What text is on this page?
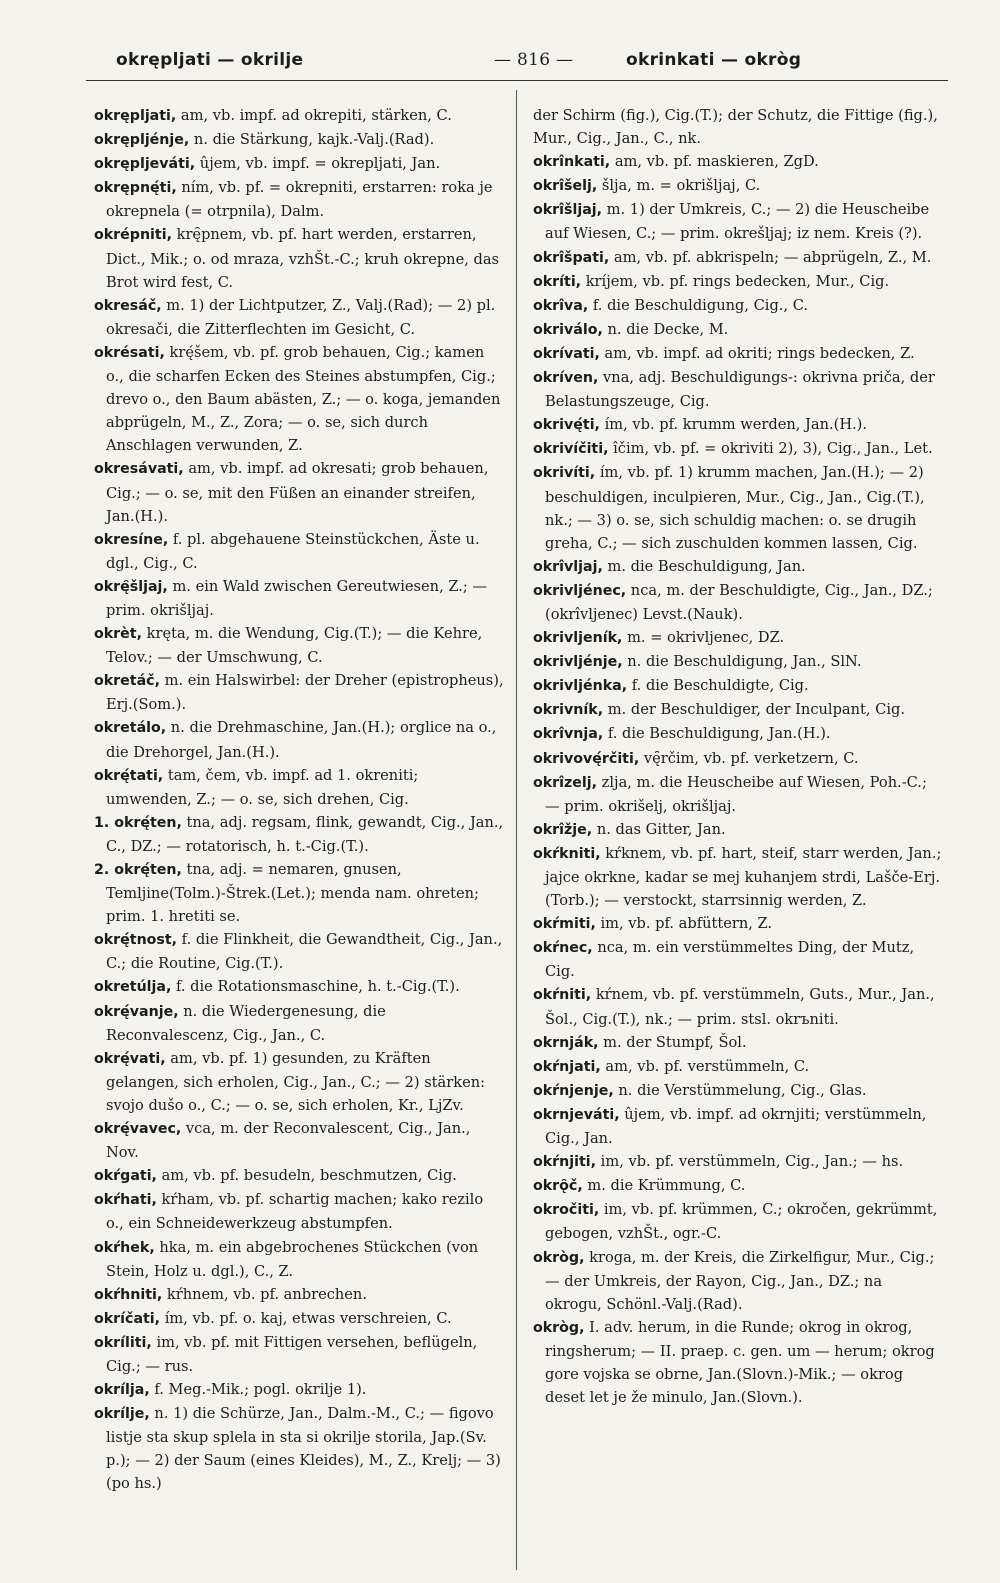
okrępljati — okrilje	— 816 —	okrinkati — okròg

okrępljati, am, vb. impf. ad okrepiti, stärken, C.

okręplјénje, n. die Stärkung, kajk.-Valj.(Rad).

okręplјeváti, ûjem, vb. impf. = okrepljati, Jan.

okrępnę́ti, ním, vb. pf. = okrepniti, erstarren: roka je okrepnela (= otrpnila), Dalm.

okrépniti, krę̑pnem, vb. pf. hart werden, erstarren, Dict., Mik.; o. od mraza, vzhŠt.-C.; kruh okrepne, das Brot wird fest, C.

okresáč, m. 1) der Lichtputzer, Z., Valj.(Rad); — 2) pl. okresači, die Zitterflechten im Gesicht, C.

okrésati, krę́šem, vb. pf. grob behauen, Cig.; kamen o., die scharfen Ecken des Steines abstumpfen, Cig.; drevo o., den Baum abästen, Z.; — o. koga, jemanden abprügeln, M., Z., Zora; — o. se, sich durch Anschlagen verwunden, Z.

okresávati, am, vb. impf. ad okresati; grob behauen, Cig.; — o. se, mit den Füßen an einander streifen, Jan.(H.).

okresíne, f. pl. abgehauene Steinstückchen, Äste u. dgl., Cig., C.

okrę̑šljaj, m. ein Wald zwischen Gereutwiesen, Z.; — prim. okrišljaj.

okrèt, kręta, m. die Wendung, Cig.(T.); — die Kehre, Telov.; — der Umschwung, C.

okretáč, m. ein Halswirbel: der Dreher (epistropheus), Erj.(Som.).

okretálo, n. die Drehmaschine, Jan.(H.); orglice na o., die Drehorgel, Jan.(H.).

okrę́tati, tam, čem, vb. impf. ad 1. okreniti; umwenden, Z.; — o. se, sich drehen, Cig.

1. okrę́ten, tna, adj. regsam, flink, gewandt, Cig., Jan., C., DZ.; — rotatorisch, h. t.-Cig.(T.).

2. okrę́ten, tna, adj. = nemaren, gnusen, Temljine(Tolm.)-Štrek.(Let.); menda nam. ohreten; prim. 1. hretiti se.

okrę́tnost, f. die Flinkheit, die Gewandtheit, Cig., Jan., C.; die Routine, Cig.(T.).

okretúlja, f. die Rotationsmaschine, h. t.-Cig.(T.).

okrę́vanje, n. die Wiedergenesung, die Reconvalescenz, Cig., Jan., C.

okrę́vati, am, vb. pf. 1) gesunden, zu Kräften gelangen, sich erholen, Cig., Jan., C.; — 2) stärken: svojo dušo o., C.; — o. se, sich erholen, Kr., LjZv.

okrę́vavec, vca, m. der Reconvalescent, Cig., Jan., Nov.

okŕgati, am, vb. pf. besudeln, beschmutzen, Cig.

okŕhati, kŕham, vb. pf. schartig machen; kako rezilo o., ein Schneidewerkzeug abstumpfen.

okŕhek, hka, m. ein abgebrochenes Stückchen (von Stein, Holz u. dgl.), C., Z.

okŕhniti, kŕhnem, vb. pf. anbrechen.

okríčati, ím, vb. pf. o. kaj, etwas verschreien, C.

okríliti, im, vb. pf. mit Fittigen versehen, beflügeln, Cig.; — rus.

okrílja, f. Meg.-Mik.; pogl. okrilje 1).

okrílje, n. 1) die Schürze, Jan., Dalm.-M., C.; — figovo listje sta skup splela in sta si okrilje storila, Jap.(Sv. p.); — 2) der Saum (eines Kleides), M., Z., Krelj; — 3) (po hs.)

der Schirm (fig.), Cig.(T.); der Schutz, die Fittige (fig.), Mur., Cig., Jan., C., nk.

okrînkati, am, vb. pf. maskieren, ZgD.

okrîšelj, šlja, m. = okrišljaj, C.

okrîšljaj, m. 1) der Umkreis, C.; — 2) die Heuscheibe auf Wiesen, C.; — prim. okrešljaj; iz nem. Kreis (?).

okrîšpati, am, vb. pf. abkrispeln; — abprügeln, Z., M.

okríti, kríjem, vb. pf. rings bedecken, Mur., Cig.

okrîva, f. die Beschuldigung, Cig., C.

okriválo, n. die Decke, M.

okrívati, am, vb. impf. ad okriti; rings bedecken, Z.

okríven, vna, adj. Beschuldigungs-: okrivna priča, der Belastungszeuge, Cig.

okrivę́ti, ím, vb. pf. krumm werden, Jan.(H.).

okrivíčiti, îčim, vb. pf. = okriviti 2), 3), Cig., Jan., Let.

okrivíti, ím, vb. pf. 1) krumm machen, Jan.(H.); — 2) beschuldigen, inculpieren, Mur., Cig., Jan., Cig.(T.), nk.; — 3) o. se, sich schuldig machen: o. se drugih greha, C.; — sich zuschulden kommen lassen, Cig.

okrîvljaj, m. die Beschuldigung, Jan.

okrivljénec, nca, m. der Beschuldigte, Cig., Jan., DZ.; (okrîvljenec) Levst.(Nauk).

okrivljeník, m. = okrivljenec, DZ.

okrivljénje, n. die Beschuldigung, Jan., SlN.

okrivljénka, f. die Beschuldigte, Cig.

okrivník, m. der Beschuldiger, der Inculpant, Cig.

okrîvnja, f. die Beschuldigung, Jan.(H.).

okrivovę́rčiti, vę̑rčim, vb. pf. verketzern, C.

okrîzelj, zlja, m. die Heuscheibe auf Wiesen, Poh.-C.; — prim. okrišelj, okrišljaj.

okrîžje, n. das Gitter, Jan.

okŕkniti, kŕknem, vb. pf. hart, steif, starr werden, Jan.; jajce okrkne, kadar se mej kuhanjem strdi, Lašče-Erj.(Torb.); — verstockt, starrsinnig werden, Z.

okŕmiti, im, vb. pf. abfüttern, Z.

okŕnec, nca, m. ein verstümmeltes Ding, der Mutz, Cig.

okŕniti, kŕnem, vb. pf. verstümmeln, Guts., Mur., Jan., Šol., Cig.(T.), nk.; — prim. stsl. okrъniti.

okrnják, m. der Stumpf, Šol.

okŕnjati, am, vb. pf. verstümmeln, C.

okŕnjenje, n. die Verstümmelung, Cig., Glas.

okrnjeváti, ûjem, vb. impf. ad okrnjiti; verstümmeln, Cig., Jan.

okŕnjiti, im, vb. pf. verstümmeln, Cig., Jan.; — hs.

okrǫ̑č, m. die Krümmung, C.

okročiti, im, vb. pf. krümmen, C.; okročen, gekrümmt, gebogen, vzhŠt., ogr.-C.

okròg, kroga, m. der Kreis, die Zirkelfigur, Mur., Cig.; — der Umkreis, der Rayon, Cig., Jan., DZ.; na okrogu, Schönl.-Valj.(Rad).

okròg, I. adv. herum, in die Runde; okrog in okrog, ringsherum; — II. praep. c. gen. um — herum; okrog gore vojska se obrne, Jan.(Slovn.)-Mik.; — okrog deset let je že minulo, Jan.(Slovn.).
